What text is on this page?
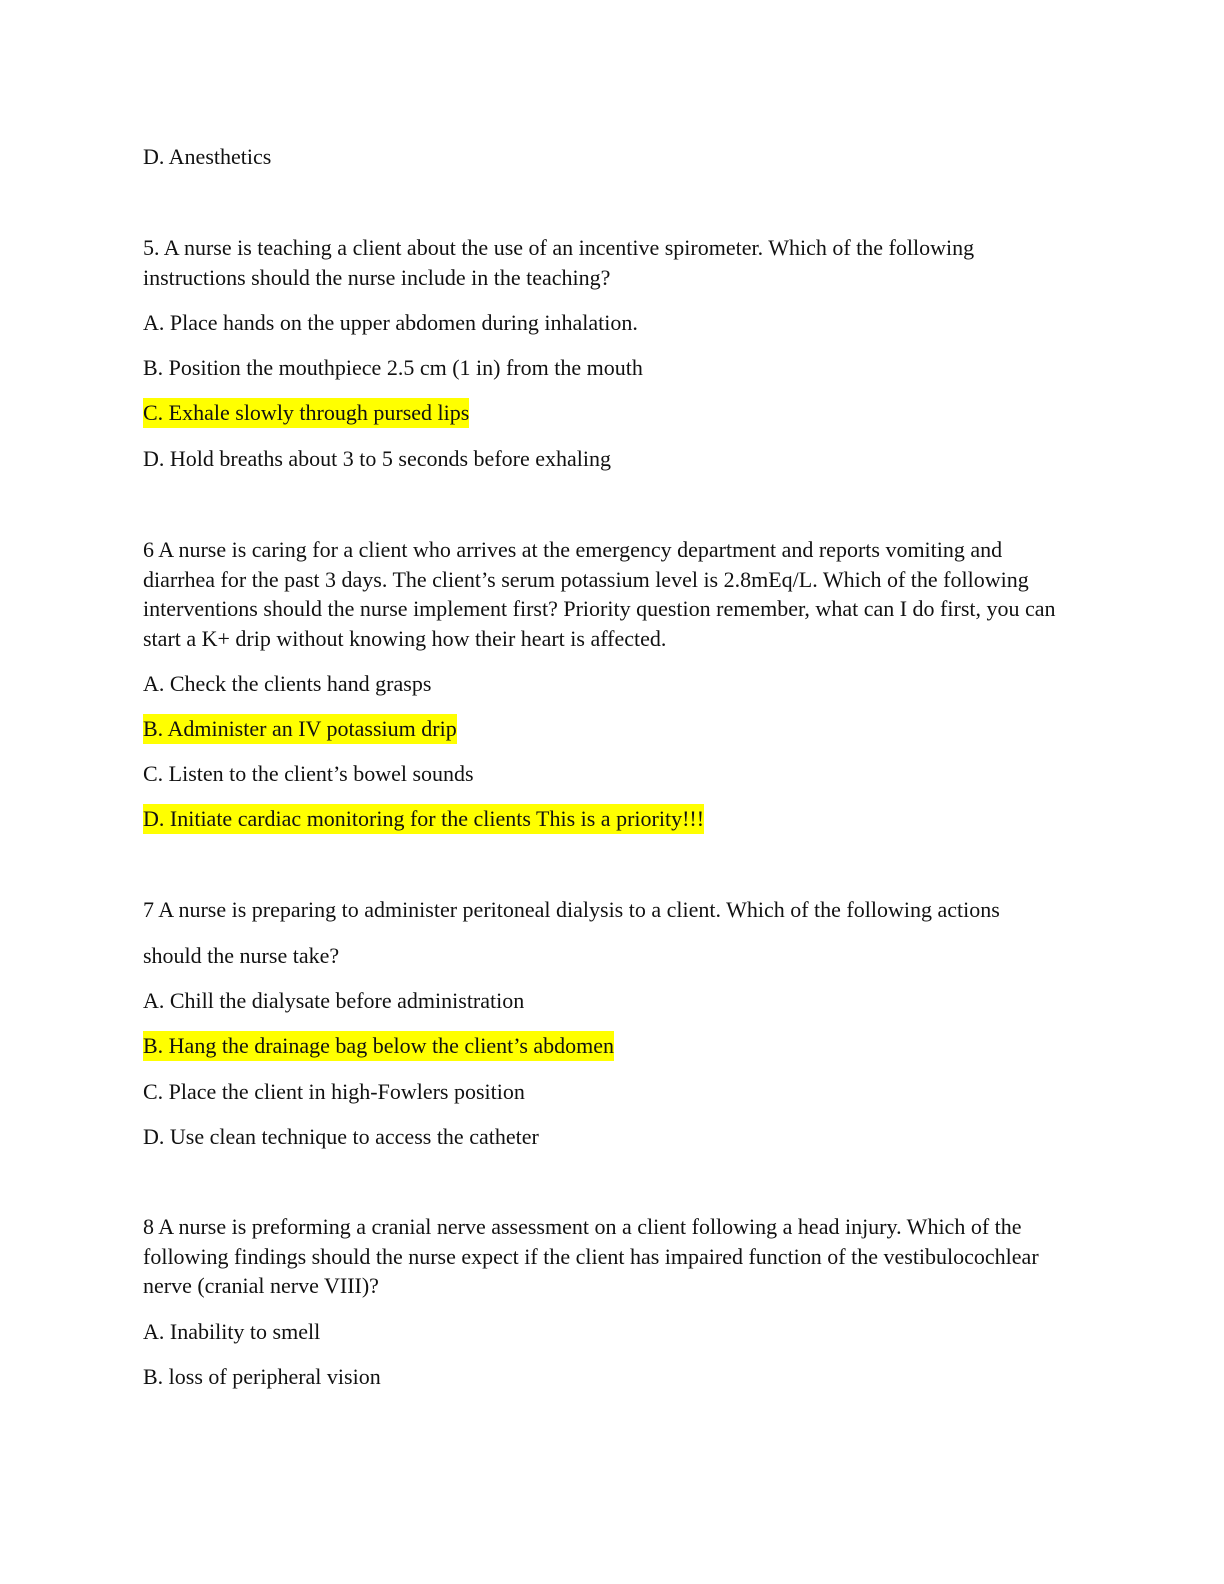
D. Anesthetics
5. A nurse is teaching a client about the use of an incentive spirometer. Which of the following instructions should the nurse include in the teaching?
A. Place hands on the upper abdomen during inhalation.
B. Position the mouthpiece 2.5 cm (1 in) from the mouth
C. Exhale slowly through pursed lips
D. Hold breaths about 3 to 5 seconds before exhaling
6 A nurse is caring for a client who arrives at the emergency department and reports vomiting and diarrhea for the past 3 days. The client’s serum potassium level is 2.8mEq/L. Which of the following interventions should the nurse implement first? Priority question remember, what can I do first, you can start a K+ drip without knowing how their heart is affected.
A. Check the clients hand grasps
B. Administer an IV potassium drip
C. Listen to the client’s bowel sounds
D. Initiate cardiac monitoring for the clients This is a priority!!!
7 A nurse is preparing to administer peritoneal dialysis to a client. Which of the following actions
should the nurse take?
A. Chill the dialysate before administration
B. Hang the drainage bag below the client’s abdomen
C. Place the client in high-Fowlers position
D. Use clean technique to access the catheter
8 A nurse is preforming a cranial nerve assessment on a client following a head injury. Which of the following findings should the nurse expect if the client has impaired function of the vestibulocochlear nerve (cranial nerve VIII)?
A. Inability to smell
B. loss of peripheral vision
